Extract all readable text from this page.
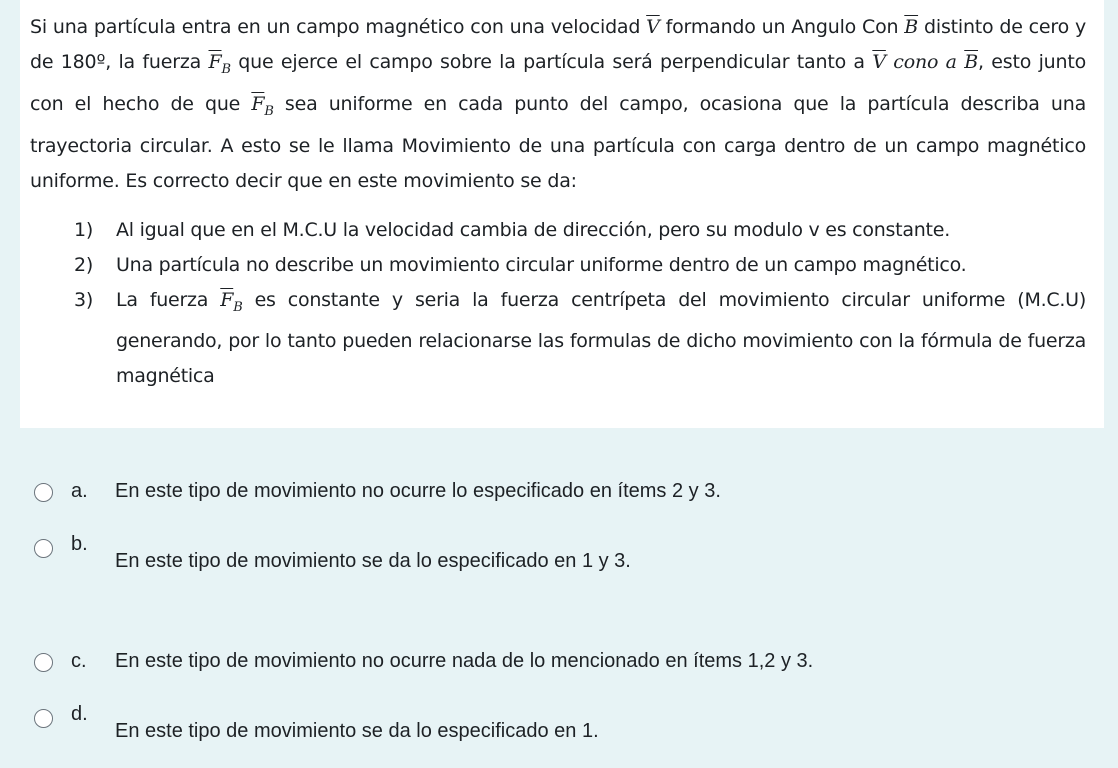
Si una partícula entra en un campo magnético con una velocidad $\overline{V}$ formando un Angulo Con $\overline{B}$ distinto de cero y de 180º, la fuerza $\overline{F}_B$ que ejerce el campo sobre la partícula será perpendicular tanto a $\overline{V}$ cono a $\overline{B}$, esto junto con el hecho de que $\overline{F}_B$ sea uniforme en cada punto del campo, ocasiona que la partícula describa una trayectoria circular. A esto se le llama Movimiento de una partícula con carga dentro de un campo magnético uniforme. Es correcto decir que en este movimiento se da:

1) Al igual que en el M.C.U la velocidad cambia de dirección, pero su modulo v es constante.
2) Una partícula no describe un movimiento circular uniforme dentro de un campo magnético.
3) La fuerza $\overline{F}_B$ es constante y seria la fuerza centrípeta del movimiento circular uniforme (M.C.U) generando, por lo tanto pueden relacionarse las formulas de dicho movimiento con la fórmula de fuerza magnética
a.	En este tipo de movimiento no ocurre lo especificado en ítems 2 y 3.
b.
En este tipo de movimiento se da lo especificado en 1 y 3.
c.	En este tipo de movimiento no ocurre nada de lo mencionado en ítems 1,2 y 3.
d.
En este tipo de movimiento se da lo especificado en 1.
